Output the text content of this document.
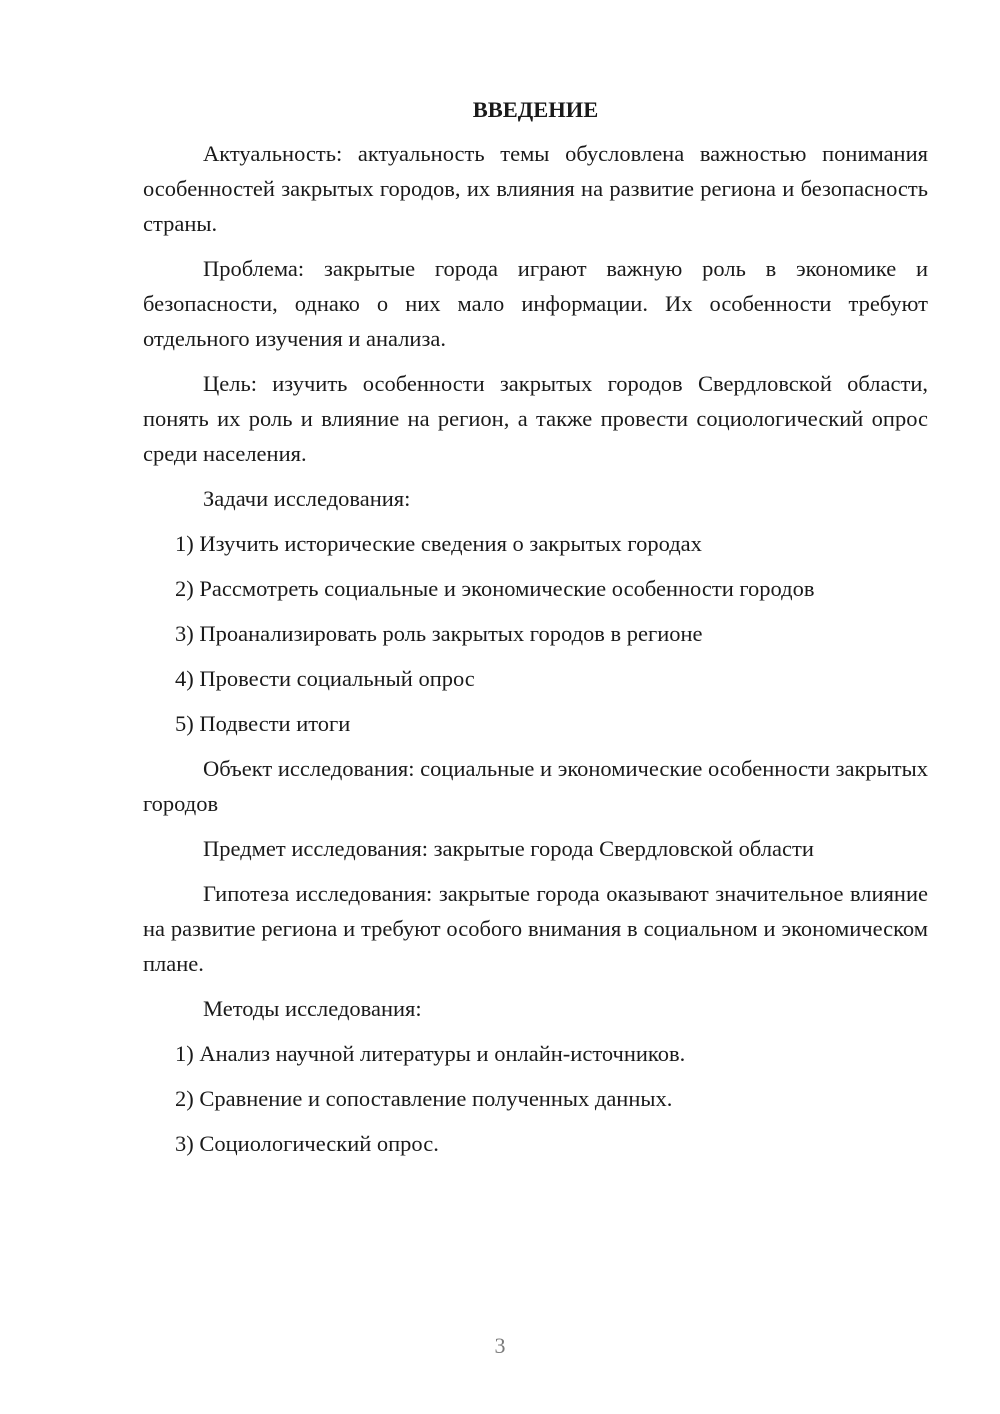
ВВЕДЕНИЕ

Актуальность: актуальность темы обусловлена важностью понимания особенностей закрытых городов, их влияния на развитие региона и безопасность страны.

Проблема: закрытые города играют важную роль в экономике и безопасности, однако о них мало информации. Их особенности требуют отдельного изучения и анализа.

Цель: изучить особенности закрытых городов Свердловской области, понять их роль и влияние на регион, а также провести социологический опрос среди населения.

Задачи исследования:

1) Изучить исторические сведения о закрытых городах

2) Рассмотреть социальные и экономические особенности городов

3) Проанализировать роль закрытых городов в регионе

4) Провести социальный опрос

5) Подвести итоги

Объект исследования: социальные и экономические особенности закрытых городов

Предмет исследования: закрытые города Свердловской области

Гипотеза исследования: закрытые города оказывают значительное влияние на развитие региона и требуют особого внимания в социальном и экономическом плане.

Методы исследования:

1) Анализ научной литературы и онлайн-источников.

2) Сравнение и сопоставление полученных данных.

3) Социологический опрос.

3
